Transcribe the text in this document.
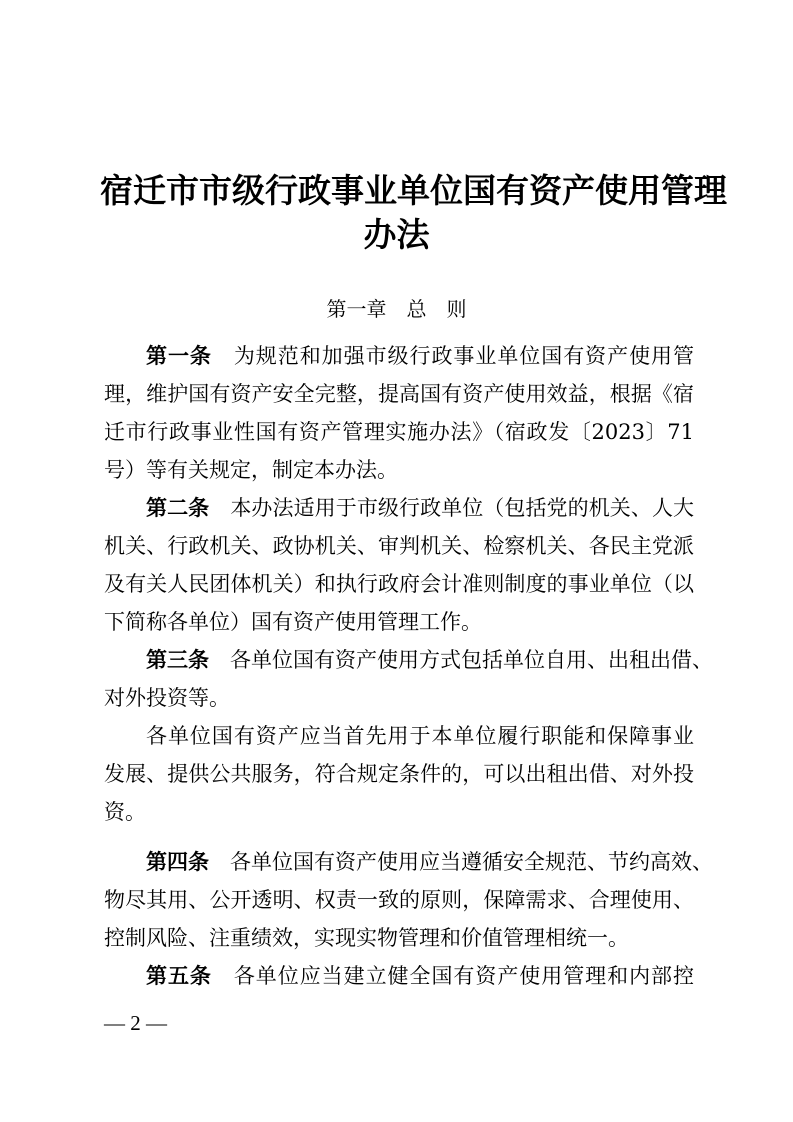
宿迁市市级行政事业单位国有资产使用管理
办法
第一章　总　则
第一条　 为规范和加强市级行政事业单位国有资产使用管
理，维护国有资产安全完整，提高国有资产使用效益，根据《宿
迁市行政事业性国有资产管理实施办法》（宿政发〔2023〕71
号）等有关规定，制定本办法。
第二条　 本办法适用于市级行政单位（包括党的机关、人大
机关、行政机关、政协机关、审判机关、检察机关、各民主党派
及有关人民团体机关）和执行政府会计准则制度的事业单位（以
下简称各单位）国有资产使用管理工作。
第三条　 各单位国有资产使用方式包括单位自用、出租出借、
对外投资等。
各单位国有资产应当首先用于本单位履行职能和保障事业
发展、提供公共服务，符合规定条件的，可以出租出借、对外投
资。
第四条　 各单位国有资产使用应当遵循安全规范、节约高效、
物尽其用、公开透明、权责一致的原则，保障需求、合理使用、
控制风险、注重绩效，实现实物管理和价值管理相统一。
第五条　 各单位应当建立健全国有资产使用管理和内部控
— 2 —
